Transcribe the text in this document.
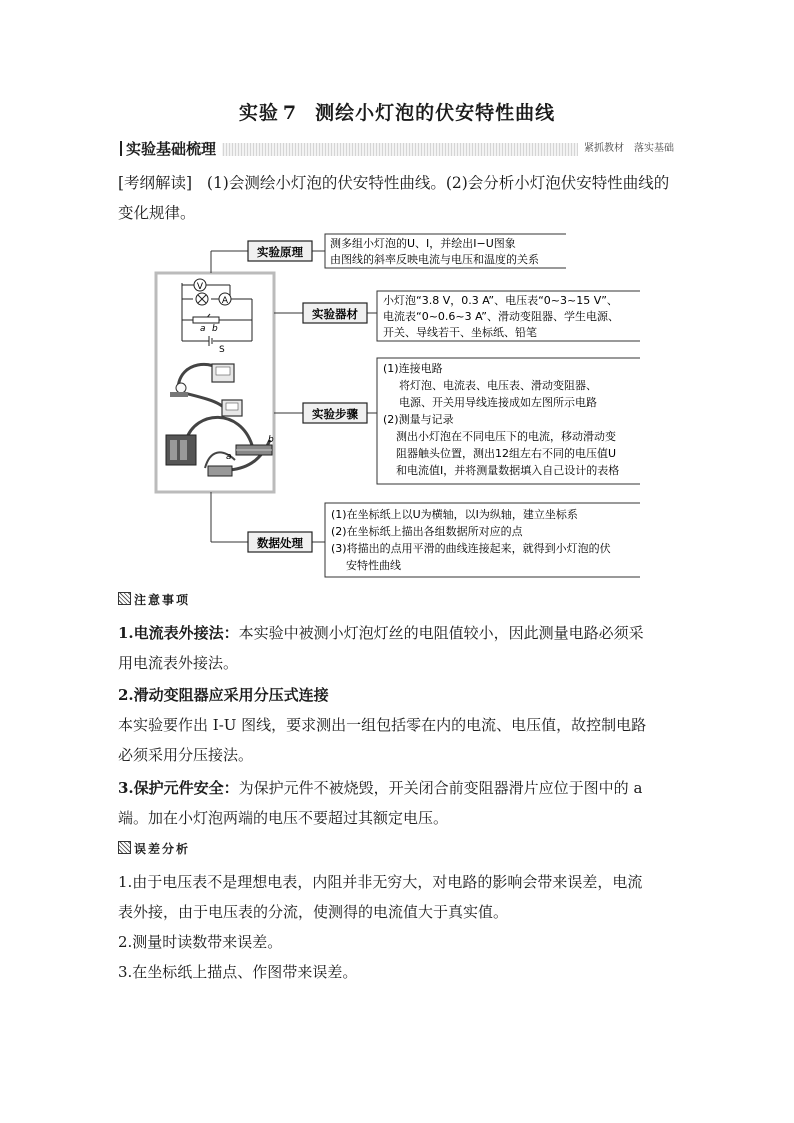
实验 7 测绘小灯泡的伏安特性曲线
实验基础梳理	紧抓教材　落实基础
[考纲解读] (1)会测绘小灯泡的伏安特性曲线。(2)会分析小灯泡伏安特性曲线的
变化规律。
V
A
a b
S
a
b
实验原理
实验器材
实验步骤
数据处理
测多组小灯泡的U、I，并绘出I−U图象
由图线的斜率反映电流与电压和温度的关系
小灯泡“3.8 V，0.3 A”、电压表“0~3~15 V”、
电流表“0~0.6~3 A”、滑动变阻器、学生电源、
开关、导线若干、坐标纸、铅笔
(1)连接电路
将灯泡、电流表、电压表、滑动变阻器、
电源、开关用导线连接成如左图所示电路
(2)测量与记录
测出小灯泡在不同电压下的电流，移动滑动变
阻器触头位置，测出12组左右不同的电压值U
和电流值I，并将测量数据填入自己设计的表格
(1)在坐标纸上以U为横轴，以I为纵轴，建立坐标系
(2)在坐标纸上描出各组数据所对应的点
(3)将描出的点用平滑的曲线连接起来，就得到小灯泡的伏
安特性曲线
注意事项
1.电流表外接法：本实验中被测小灯泡灯丝的电阻值较小，因此测量电路必须采
用电流表外接法。
2.滑动变阻器应采用分压式连接
本实验要作出 I-U 图线，要求测出一组包括零在内的电流、电压值，故控制电路
必须采用分压接法。
3.保护元件安全：为保护元件不被烧毁，开关闭合前变阻器滑片应位于图中的 a
端。加在小灯泡两端的电压不要超过其额定电压。
误差分析
1.由于电压表不是理想电表，内阻并非无穷大，对电路的影响会带来误差，电流
表外接，由于电压表的分流，使测得的电流值大于真实值。
2.测量时读数带来误差。
3.在坐标纸上描点、作图带来误差。
